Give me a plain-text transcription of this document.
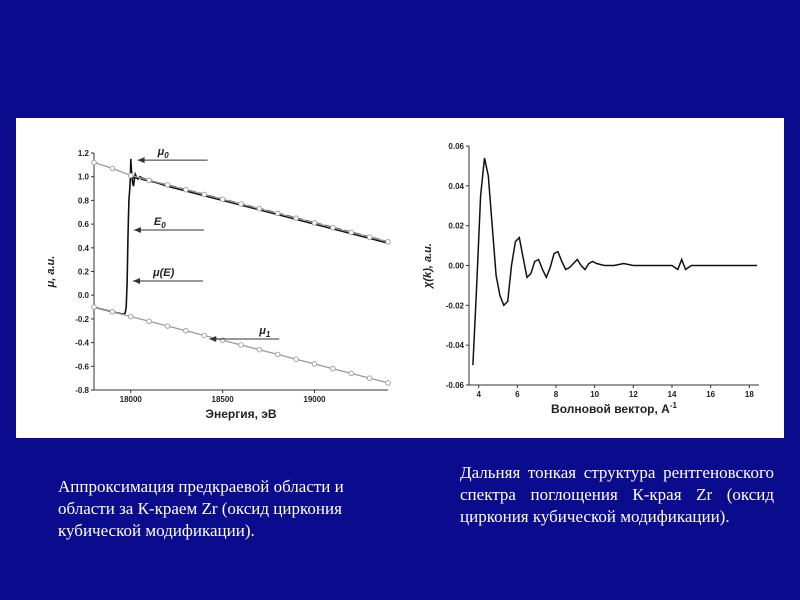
18000	18500	19000
-0.8
-0.6
-0.4
-0.2
0.0
0.2
0.4
0.6
0.8
1.0
1.2
Энергия, эВ
μ, a.u.
$\mu_0$
$E_0$
μ(E)
$\mu_1$
4	6	8	10	12	14	16	18
-0.06
-0.04
-0.02
0.00
0.02
0.04
0.06
Волновой вектор, $А^{-1}$
χ(k), a.u.
Аппроксимация предкраевой области и области за К-краем Zr (оксид циркония кубической модификации).
Дальняя тонкая структура рентгеновского спектра поглощения К-края Zr (оксид циркония кубической модификации).
